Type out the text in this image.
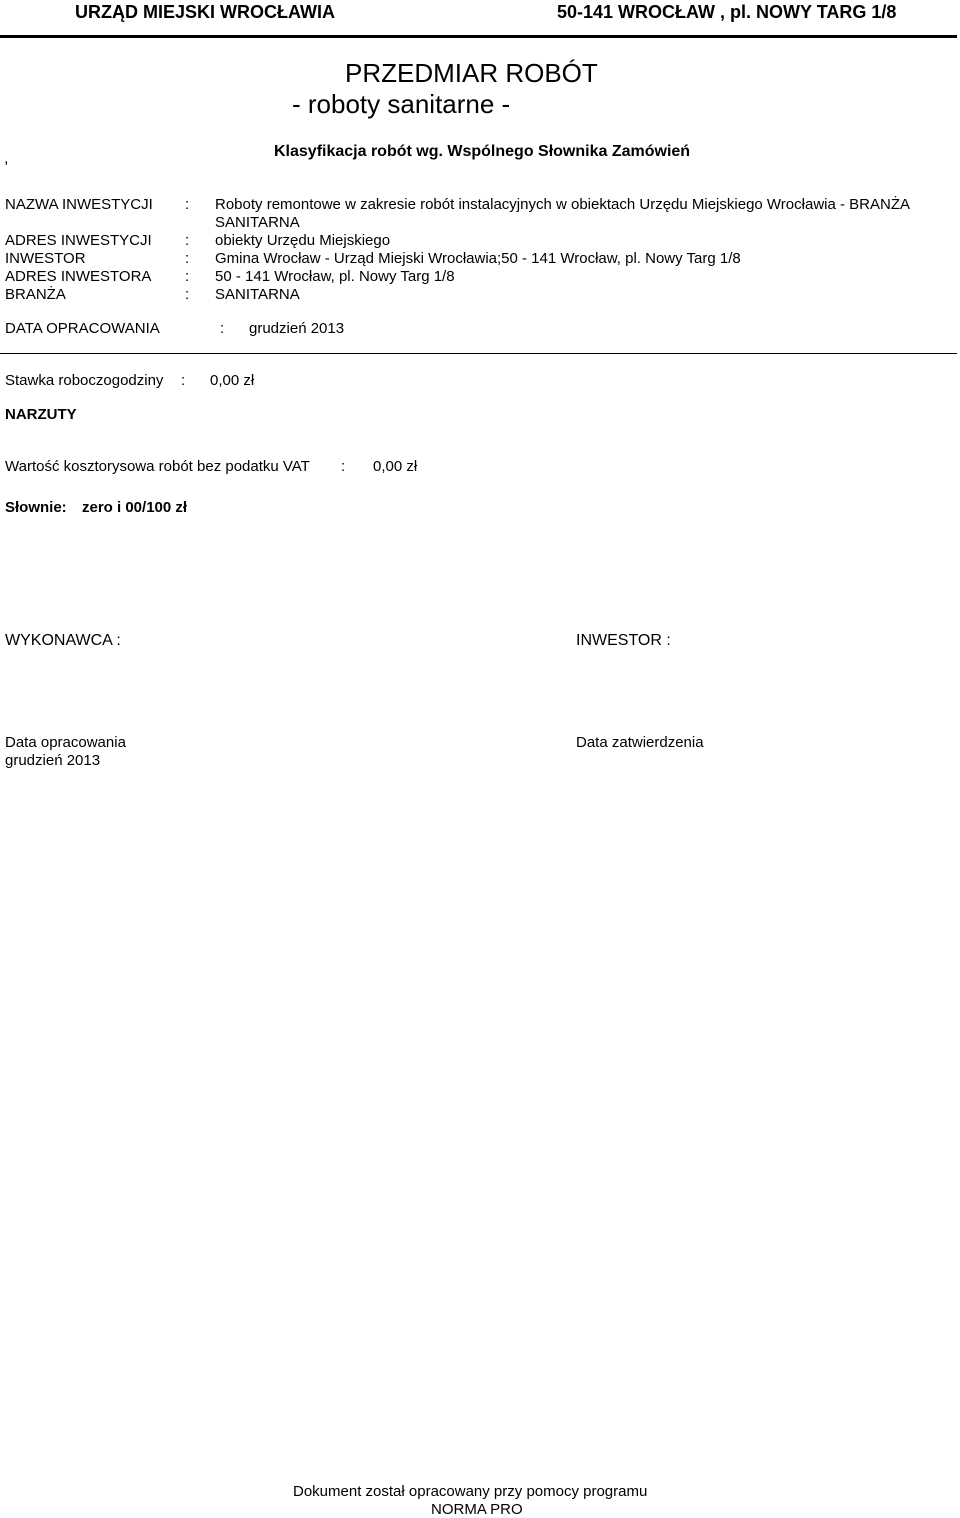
URZĄD MIEJSKI WROCŁAWIA	50-141 WROCŁAW , pl. NOWY TARG 1/8
PRZEDMIAR ROBÓT
- roboty sanitarne -
Klasyfikacja robót wg. Wspólnego Słownika Zamówień
,
NAZWA INWESTYCJI : Roboty remontowe w zakresie robót instalacyjnych w obiektach Urzędu Miejskiego Wrocławia - BRANŻA
SANITARNA
ADRES INWESTYCJI : obiekty Urzędu Miejskiego
INWESTOR	: Gmina Wrocław - Urząd Miejski Wrocławia;50 - 141 Wrocław, pl. Nowy Targ 1/8
ADRES INWESTORA : 50 - 141 Wrocław, pl. Nowy Targ 1/8
BRANŻA	: SANITARNA
DATA OPRACOWANIA	: grudzień 2013
Stawka roboczogodziny : 0,00 zł
NARZUTY
Wartość kosztorysowa robót bez podatku VAT : 0,00 zł
Słownie: zero i 00/100 zł
WYKONAWCA :	INWESTOR :
Data opracowania
grudzień 2013
Data zatwierdzenia
Dokument został opracowany przy pomocy programu
NORMA PRO
